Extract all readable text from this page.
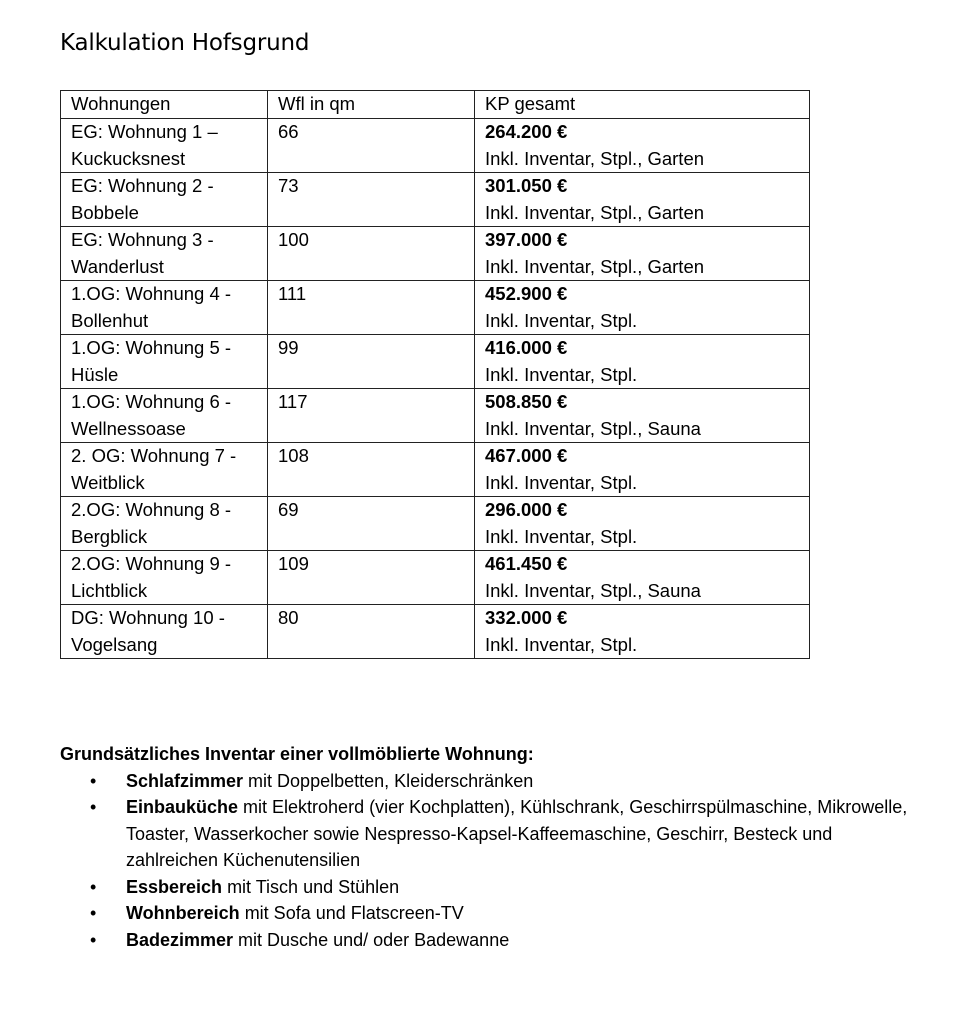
Kalkulation Hofsgrund
Wohnungen	Wfl in qm	KP gesamt
EG: Wohnung 1 –
Kuckucksnest	66	264.200 €
Inkl. Inventar, Stpl., Garten

EG: Wohnung 2 -
Bobbele	73	301.050 €
Inkl. Inventar, Stpl., Garten

EG: Wohnung 3 -
Wanderlust	100	397.000 €
Inkl. Inventar, Stpl., Garten

1.OG: Wohnung 4 -
Bollenhut	111	452.900 €
Inkl. Inventar, Stpl.

1.OG: Wohnung 5 -
Hüsle	99	416.000 €
Inkl. Inventar, Stpl.

1.OG: Wohnung 6 -
Wellnessoase	117	508.850 €
Inkl. Inventar, Stpl., Sauna

2. OG: Wohnung 7 -
Weitblick	108	467.000 €
Inkl. Inventar, Stpl.

2.OG: Wohnung 8 -
Bergblick	69	296.000 €
Inkl. Inventar, Stpl.

2.OG: Wohnung 9 -
Lichtblick	109	461.450 €
Inkl. Inventar, Stpl., Sauna

DG: Wohnung 10 -
Vogelsang	80	332.000 €
Inkl. Inventar, Stpl.

Grundsätzliches Inventar einer vollmöblierte Wohnung:

• Schlafzimmer mit Doppelbetten, Kleiderschränken
• Einbauküche mit Elektroherd (vier Kochplatten), Kühlschrank, Geschirrspülmaschine, Mikrowelle, Toaster, Wasserkocher sowie Nespresso-Kapsel-Kaffeemaschine, Geschirr, Besteck und zahlreichen Küchenutensilien
• Essbereich mit Tisch und Stühlen
• Wohnbereich mit Sofa und Flatscreen-TV
• Badezimmer mit Dusche und/ oder Badewanne
